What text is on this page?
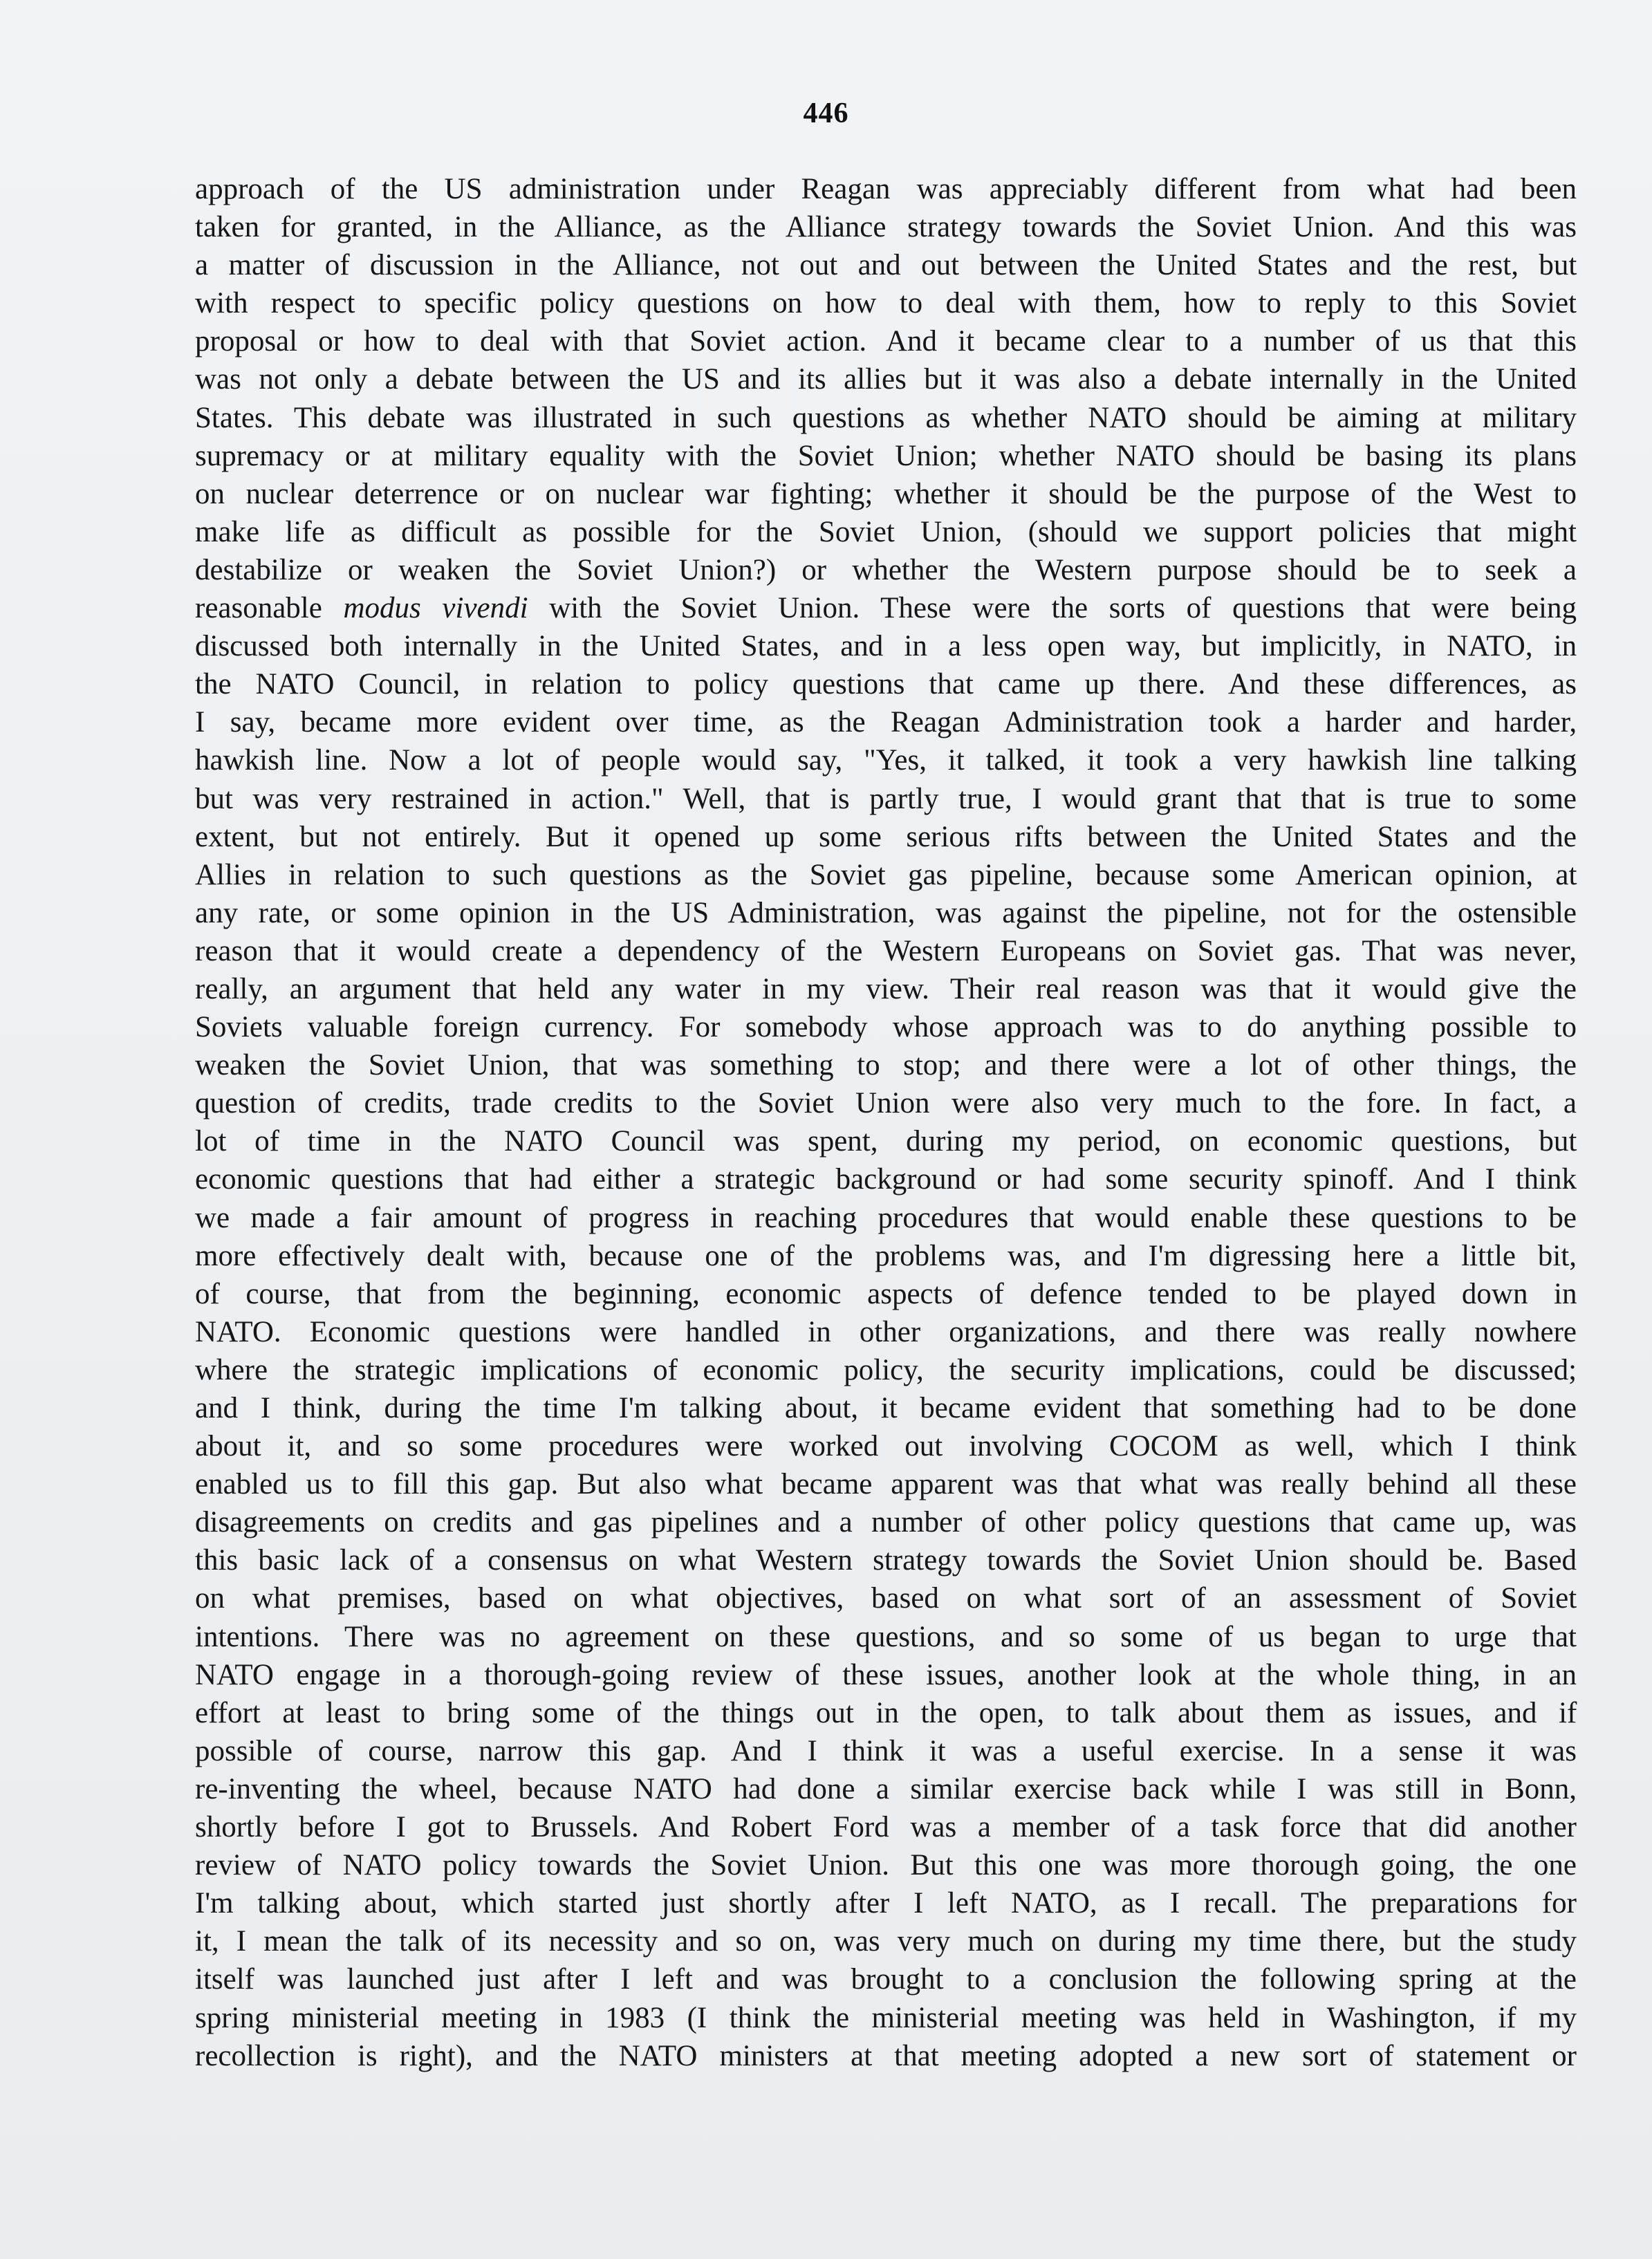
446
approach of the US administration under Reagan was appreciably different from what had been
taken for granted, in the Alliance, as the Alliance strategy towards the Soviet Union. And this was
a matter of discussion in the Alliance, not out and out between the United States and the rest, but
with respect to specific policy questions on how to deal with them, how to reply to this Soviet
proposal or how to deal with that Soviet action. And it became clear to a number of us that this
was not only a debate between the US and its allies but it was also a debate internally in the United
States. This debate was illustrated in such questions as whether NATO should be aiming at military
supremacy or at military equality with the Soviet Union; whether NATO should be basing its plans
on nuclear deterrence or on nuclear war fighting; whether it should be the purpose of the West to
make life as difficult as possible for the Soviet Union, (should we support policies that might
destabilize or weaken the Soviet Union?) or whether the Western purpose should be to seek a
reasonable modus vivendi with the Soviet Union. These were the sorts of questions that were being
discussed both internally in the United States, and in a less open way, but implicitly, in NATO, in
the NATO Council, in relation to policy questions that came up there. And these differences, as
I say, became more evident over time, as the Reagan Administration took a harder and harder,
hawkish line. Now a lot of people would say, "Yes, it talked, it took a very hawkish line talking
but was very restrained in action." Well, that is partly true, I would grant that that is true to some
extent, but not entirely. But it opened up some serious rifts between the United States and the
Allies in relation to such questions as the Soviet gas pipeline, because some American opinion, at
any rate, or some opinion in the US Administration, was against the pipeline, not for the ostensible
reason that it would create a dependency of the Western Europeans on Soviet gas. That was never,
really, an argument that held any water in my view. Their real reason was that it would give the
Soviets valuable foreign currency. For somebody whose approach was to do anything possible to
weaken the Soviet Union, that was something to stop; and there were a lot of other things, the
question of credits, trade credits to the Soviet Union were also very much to the fore. In fact, a
lot of time in the NATO Council was spent, during my period, on economic questions, but
economic questions that had either a strategic background or had some security spinoff. And I think
we made a fair amount of progress in reaching procedures that would enable these questions to be
more effectively dealt with, because one of the problems was, and I'm digressing here a little bit,
of course, that from the beginning, economic aspects of defence tended to be played down in
NATO. Economic questions were handled in other organizations, and there was really nowhere
where the strategic implications of economic policy, the security implications, could be discussed;
and I think, during the time I'm talking about, it became evident that something had to be done
about it, and so some procedures were worked out involving COCOM as well, which I think
enabled us to fill this gap. But also what became apparent was that what was really behind all these
disagreements on credits and gas pipelines and a number of other policy questions that came up, was
this basic lack of a consensus on what Western strategy towards the Soviet Union should be. Based
on what premises, based on what objectives, based on what sort of an assessment of Soviet
intentions. There was no agreement on these questions, and so some of us began to urge that
NATO engage in a thorough-going review of these issues, another look at the whole thing, in an
effort at least to bring some of the things out in the open, to talk about them as issues, and if
possible of course, narrow this gap. And I think it was a useful exercise. In a sense it was
re-inventing the wheel, because NATO had done a similar exercise back while I was still in Bonn,
shortly before I got to Brussels. And Robert Ford was a member of a task force that did another
review of NATO policy towards the Soviet Union. But this one was more thorough going, the one
I'm talking about, which started just shortly after I left NATO, as I recall. The preparations for
it, I mean the talk of its necessity and so on, was very much on during my time there, but the study
itself was launched just after I left and was brought to a conclusion the following spring at the
spring ministerial meeting in 1983 (I think the ministerial meeting was held in Washington, if my
recollection is right), and the NATO ministers at that meeting adopted a new sort of statement or
